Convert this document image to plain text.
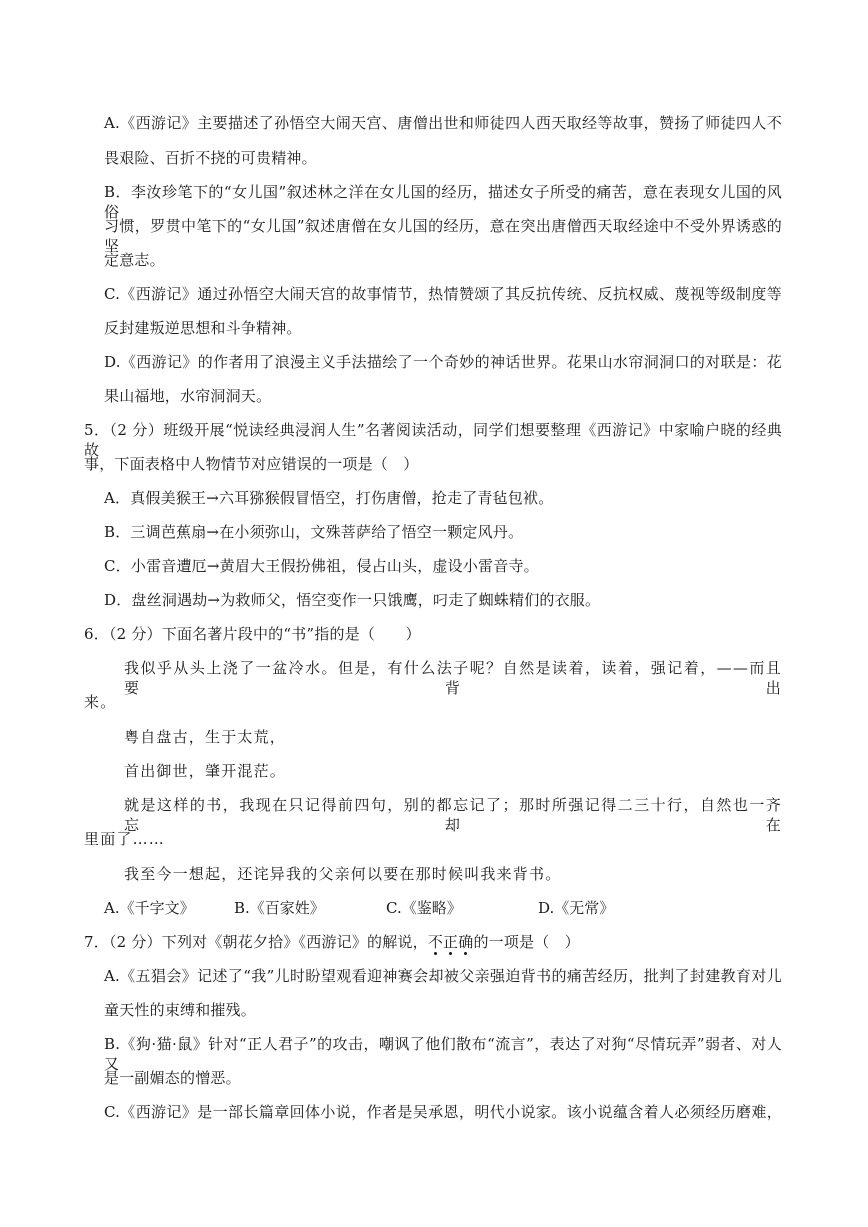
A.《西游记》主要描述了孙悟空大闹天宫、唐僧出世和师徒四人西天取经等故事，赞扬了师徒四人不
畏艰险、百折不挠的可贵精神。
B．李汝珍笔下的“女儿国”叙述林之洋在女儿国的经历，描述女子所受的痛苦，意在表现女儿国的风俗
习惯，罗贯中笔下的“女儿国”叙述唐僧在女儿国的经历，意在突出唐僧西天取经途中不受外界诱惑的坚
定意志。
C.《西游记》通过孙悟空大闹天宫的故事情节，热情赞颂了其反抗传统、反抗权威、蔑视等级制度等
反封建叛逆思想和斗争精神。
D.《西游记》的作者用了浪漫主义手法描绘了一个奇妙的神话世界。花果山水帘洞洞口的对联是：花
果山福地，水帘洞洞天。
5．（2 分）班级开展“悦读经典浸润人生”名著阅读活动，同学们想要整理《西游记》中家喻户晓的经典故
事，下面表格中人物情节对应错误的一项是（　）
A．真假美猴王→六耳猕猴假冒悟空，打伤唐僧，抢走了青毡包袱。
B．三调芭蕉扇→在小须弥山，文殊菩萨给了悟空一颗定风丹。
C．小雷音遭厄→黄眉大王假扮佛祖，侵占山头，虚设小雷音寺。
D．盘丝洞遇劫→为救师父，悟空变作一只饿鹰，叼走了蜘蛛精们的衣服。
6．（2 分）下面名著片段中的“书”指的是（　　）
我似乎从头上浇了一盆冷水。但是，有什么法子呢？自然是读着，读着，强记着，——而且要背出
来。
粤自盘古，生于太荒，
首出御世，肇开混茫。
就是这样的书，我现在只记得前四句，别的都忘记了；那时所强记得二三十行，自然也一齐忘却在
里面了……
我至今一想起，还诧异我的父亲何以要在那时候叫我来背书。
A.《千字文》	B.《百家姓》	C.《鉴略》	D.《无常》
7．（2 分）下列对《朝花夕拾》《西游记》的解说，不正确的一项是（　）
A.《五猖会》记述了“我”儿时盼望观看迎神赛会却被父亲强迫背书的痛苦经历，批判了封建教育对儿
童天性的束缚和摧残。
B.《狗·猫·鼠》针对“正人君子”的攻击，嘲讽了他们散布“流言”，表达了对狗“尽情玩弄”弱者、对人又
是一副媚态的憎恶。
C.《西游记》是一部长篇章回体小说，作者是吴承恩，明代小说家。该小说蕴含着人必须经历磨难，
